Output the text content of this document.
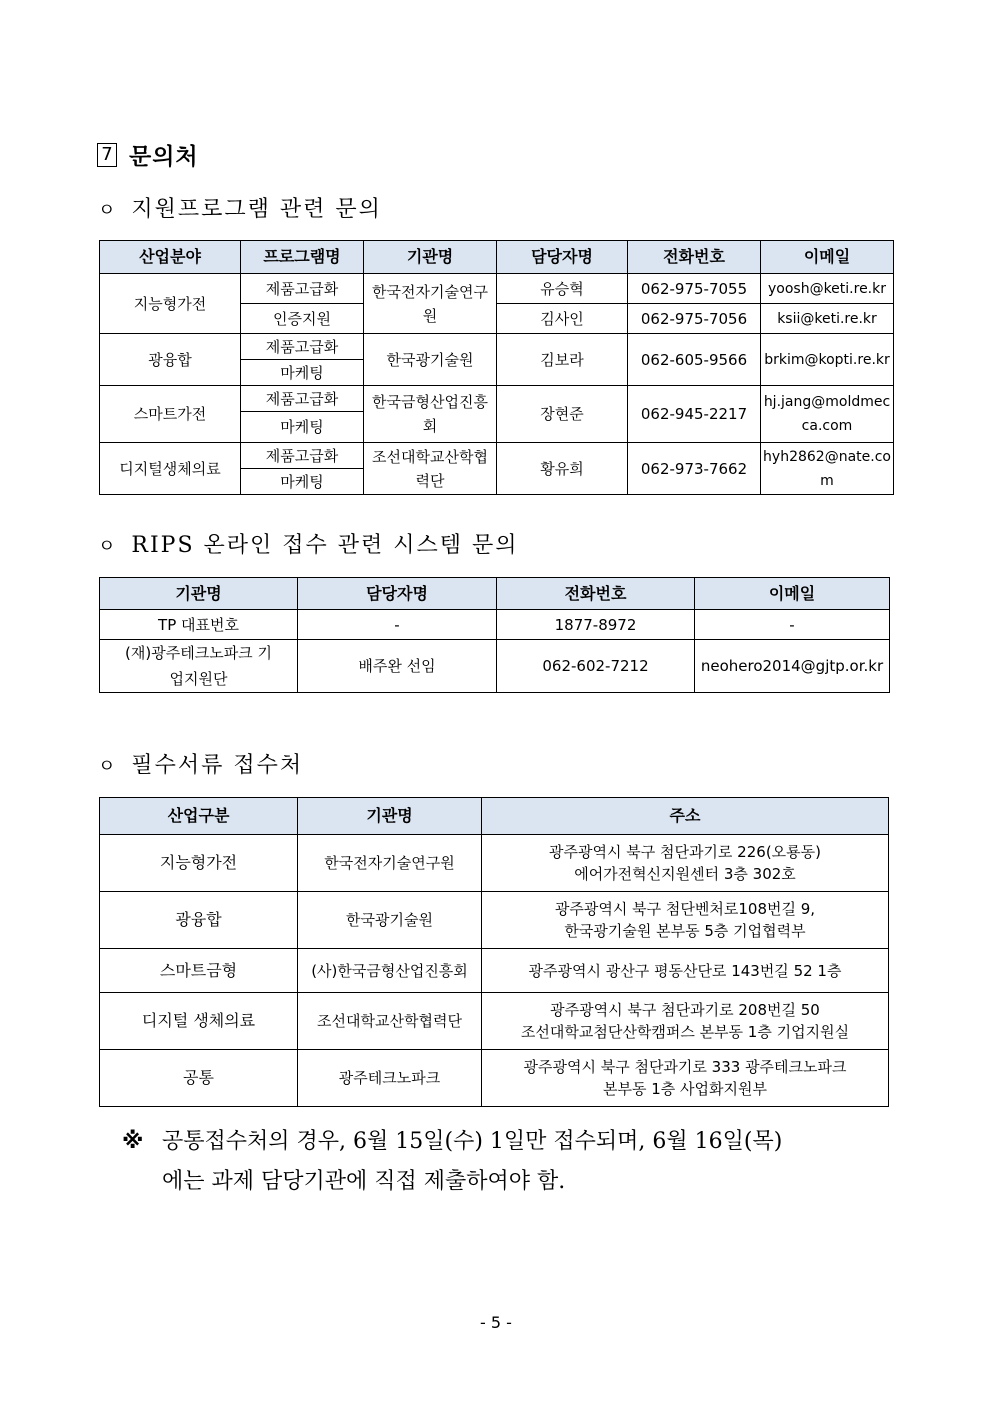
7 문의처
ㅇ 지원프로그램 관련 문의
산업분야	프로그램명	기관명	담당자명	전화번호	이메일
지능형가전	제품고급화	한국전자기술연구원	유승혁	062-975-7055	yoosh@keti.re.kr
	인증지원		김사인	062-975-7056	ksii@keti.re.kr
광융합	제품고급화	한국광기술원	김보라	062-605-9566	brkim@kopti.re.kr
	마케팅				
스마트가전	제품고급화	한국금형산업진흥회	장현준	062-945-2217	hj.jang@moldmecca.com
	마케팅				
디지털생체의료	제품고급화	조선대학교산학협력단	황유희	062-973-7662	hyh2862@nate.com
	마케팅				
ㅇ RIPS 온라인 접수 관련 시스템 문의
기관명	담당자명	전화번호	이메일
TP 대표번호	-	1877-8972	-
(재)광주테크노파크 기업지원단	배주완 선임	062-602-7212	neohero2014@gjtp.or.kr
ㅇ 필수서류 접수처
산업구분	기관명	주소
지능형가전	한국전자기술연구원	광주광역시 북구 첨단과기로 226(오룡동)
에어가전혁신지원센터 3층 302호

광융합	한국광기술원	광주광역시 북구 첨단벤처로108번길 9,
한국광기술원 본부동 5층 기업협력부

스마트금형	(사)한국금형산업진흥회	광주광역시 광산구 평동산단로 143번길 52 1층

디지털 생체의료	조선대학교산학협력단	광주광역시 북구 첨단과기로 208번길 50
조선대학교첨단산학캠퍼스 본부동 1층 기업지원실

공통	광주테크노파크	광주광역시 북구 첨단과기로 333 광주테크노파크
본부동 1층 사업화지원부
※ 공통접수처의 경우, 6월 15일(수) 1일만 접수되며, 6월 16일(목)
에는 과제 담당기관에 직접 제출하여야 함.
- 5 -
